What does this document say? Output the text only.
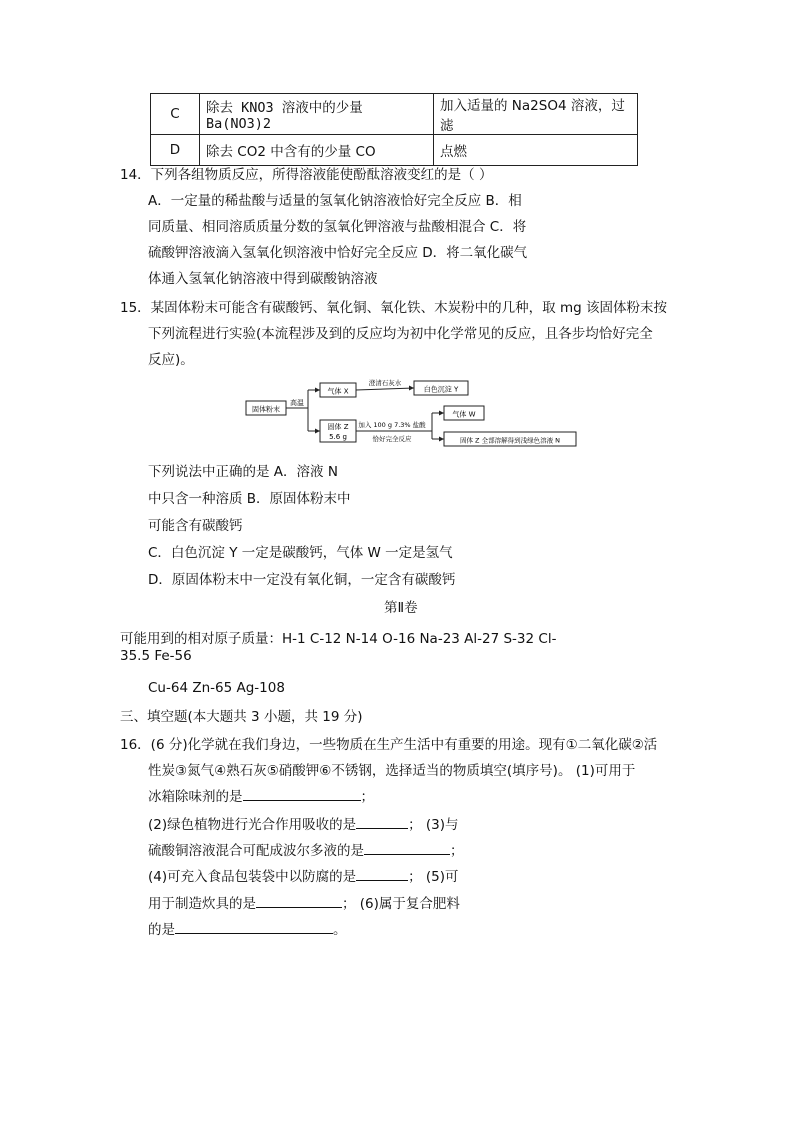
C	除去 KNO3 溶液中的少量 Ba(NO3)2	加入适量的 Na2SO4 溶液，过滤
D	除去 CO2 中含有的少量 CO	点燃
14．下列各组物质反应，所得溶液能使酚酞溶液变红的是（ ）
A．一定量的稀盐酸与适量的氢氧化钠溶液恰好完全反应 B．相
同质量、相同溶质质量分数的氢氧化钾溶液与盐酸相混合 C．将
硫酸钾溶液滴入氢氧化钡溶液中恰好完全反应 D．将二氧化碳气
体通入氢氧化钠溶液中得到碳酸钠溶液
15．某固体粉末可能含有碳酸钙、氧化铜、氧化铁、木炭粉中的几种，取 mg 该固体粉末按
下列流程进行实验(本流程涉及到的反应均为初中化学常见的反应，且各步均恰好完全
反应)。
固体粉末
高温
气体 X
澄清石灰水
白色沉淀 Y
固体 Z
5.6 g
加入 100 g 7.3% 盐酸
恰好完全反应
气体 W
固体 Z 全部溶解得到浅绿色溶液 N
下列说法中正确的是 A．溶液 N
中只含一种溶质 B．原固体粉末中
可能含有碳酸钙
C．白色沉淀 Y 一定是碳酸钙，气体 W 一定是氢气
D．原固体粉末中一定没有氧化铜，一定含有碳酸钙
第Ⅱ卷
可能用到的相对原子质量：H-1 C-12 N-14 O-16 Na-23 Al-27 S-32 Cl-
35.5 Fe-56
Cu-64 Zn-65 Ag-108
三、填空题(本大题共 3 小题，共 19 分)
16．(6 分)化学就在我们身边，一些物质在生产生活中有重要的用途。现有①二氧化碳②活
性炭③氮气④熟石灰⑤硝酸钾⑥不锈钢，选择适当的物质填空(填序号)。 (1)可用于
冰箱除味剂的是	；
(2)绿色植物进行光合作用吸收的是	； (3)与
硫酸铜溶液混合可配成波尔多液的是	；
(4)可充入食品包装袋中以防腐的是	； (5)可
用于制造炊具的是	； (6)属于复合肥料
的是	。
